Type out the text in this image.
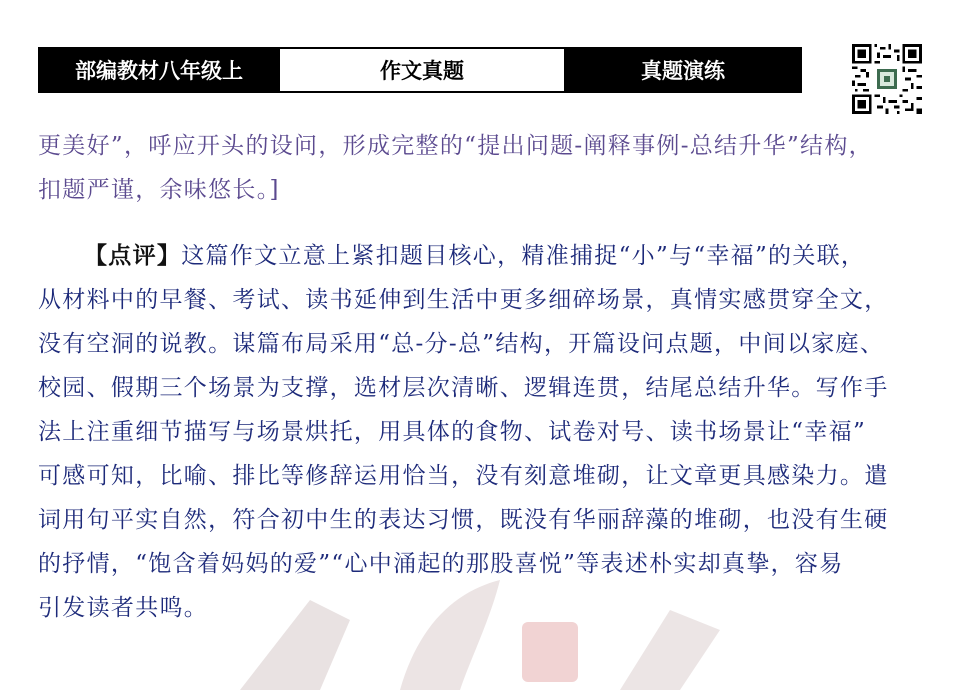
部编教材八年级上	作文真题	真题演练
更美好”，呼应开头的设问，形成完整的“提出问题-阐释事例-总结升华”结构，
扣题严谨，余味悠长。]
【点评】这篇作文立意上紧扣题目核心，精准捕捉“小”与“幸福”的关联，
从材料中的早餐、考试、读书延伸到生活中更多细碎场景，真情实感贯穿全文，
没有空洞的说教。谋篇布局采用“总-分-总”结构，开篇设问点题，中间以家庭、
校园、假期三个场景为支撑，选材层次清晰、逻辑连贯，结尾总结升华。写作手
法上注重细节描写与场景烘托，用具体的食物、试卷对号、读书场景让“幸福”
可感可知，比喻、排比等修辞运用恰当，没有刻意堆砌，让文章更具感染力。遣
词用句平实自然，符合初中生的表达习惯，既没有华丽辞藻的堆砌，也没有生硬
的抒情，“饱含着妈妈的爱”“心中涌起的那股喜悦”等表述朴实却真挚，容易
引发读者共鸣。
